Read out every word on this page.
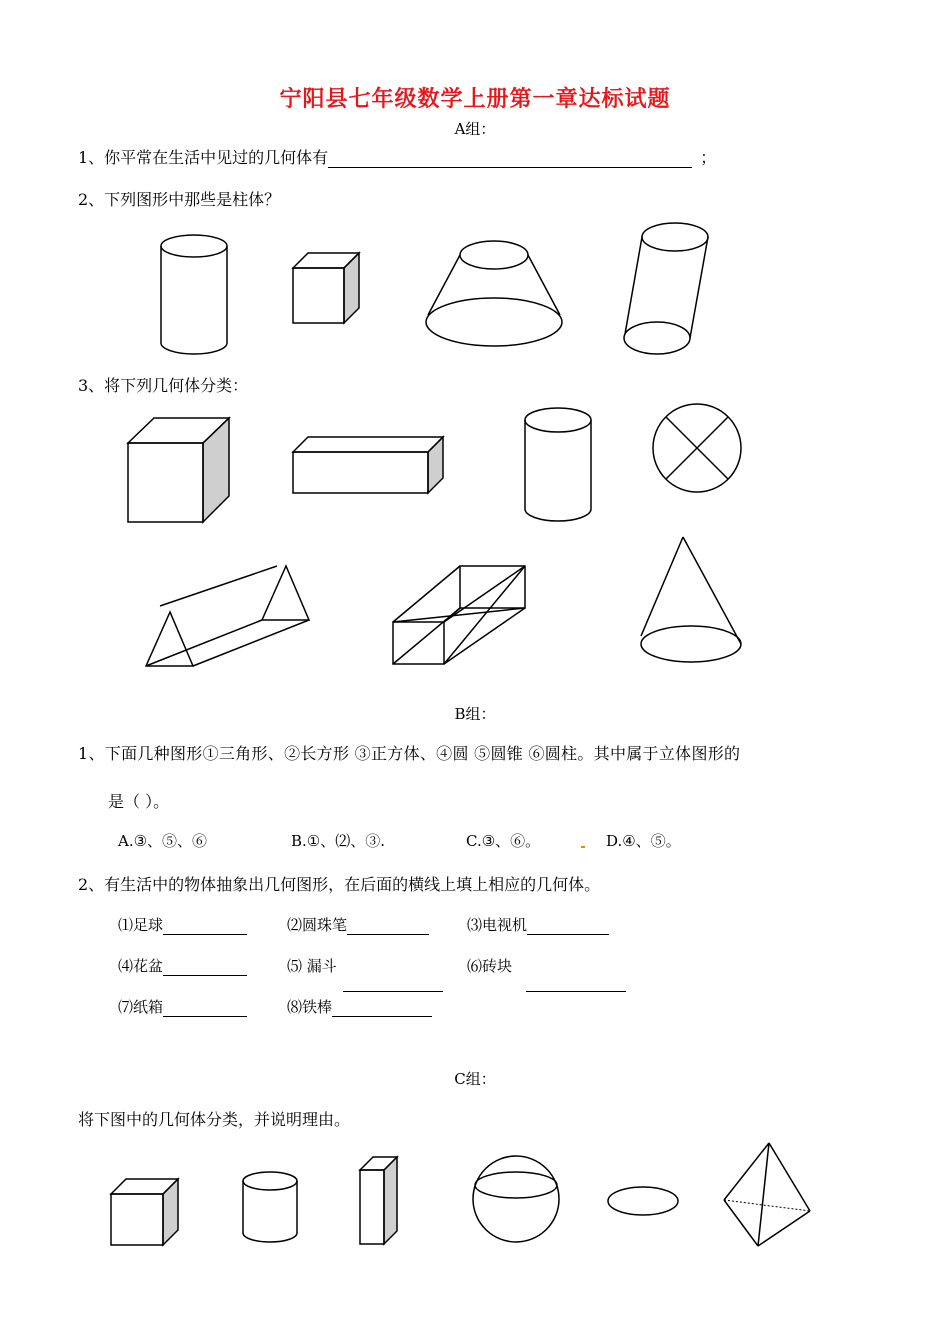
宁阳县七年级数学上册第一章达标试题
A组：
1、你平常在生活中见过的几何体有	；
2、下列图形中那些是柱体？
3、将下列几何体分类：
B组：
1、下面几种图形①三角形、②长方形 ③正方体、④圆 ⑤圆锥 ⑥圆柱。其中属于立体图形的
是（ ）。
A.③、⑤、⑥	B.①、⑵、③.	C.③、⑥。	D.④、⑤。
2、有生活中的物体抽象出几何图形，在后面的横线上填上相应的几何体。
⑴足球	⑵圆珠笔	⑶电视机
⑷花盆	⑸ 漏斗	⑹砖块
⑺纸箱	⑻铁棒
C组：
将下图中的几何体分类，并说明理由。
